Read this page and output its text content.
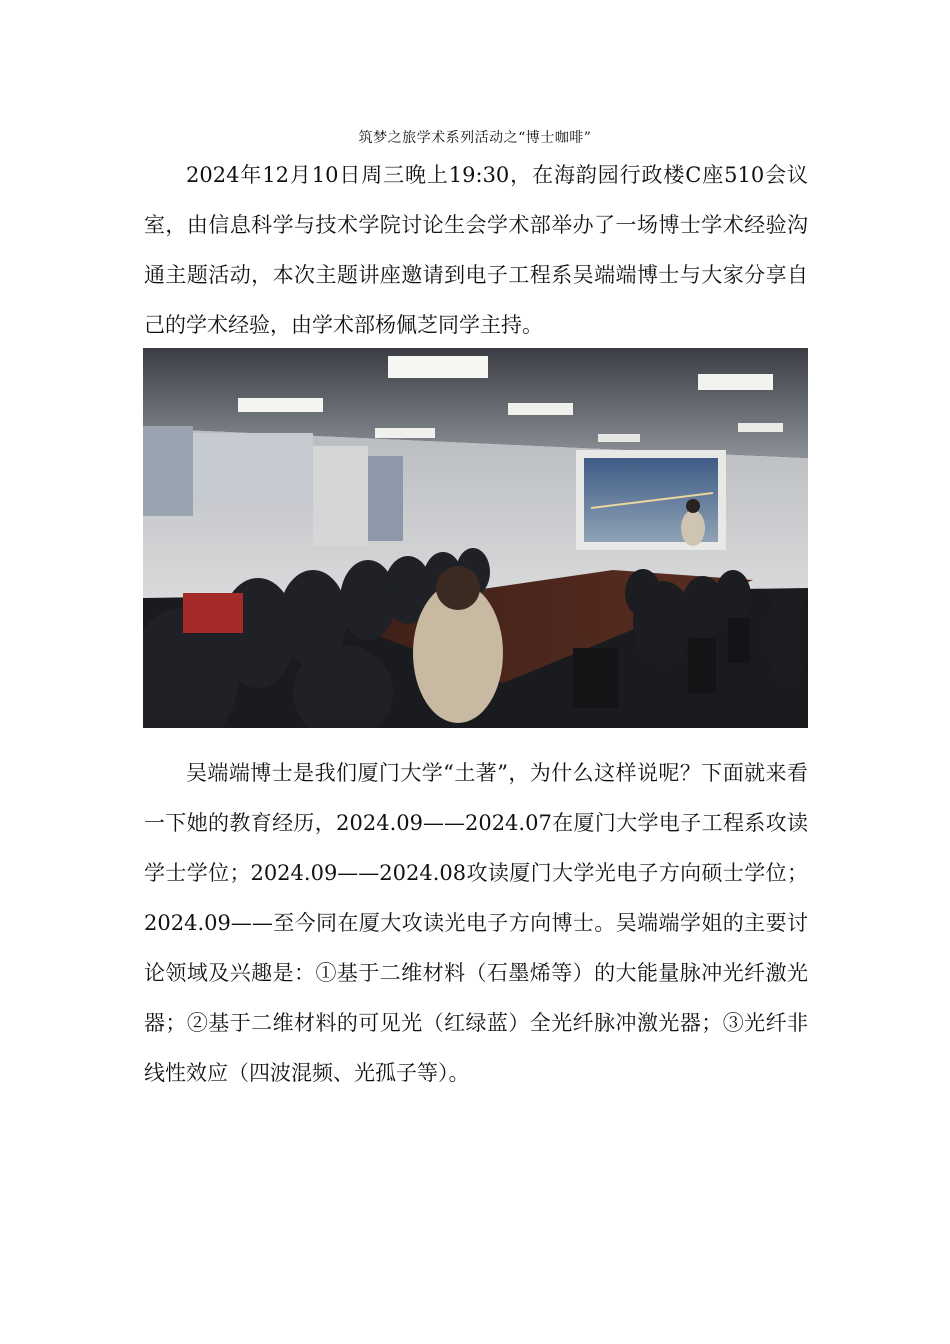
筑梦之旅学术系列活动之“博士咖啡”

2024年12月10日周三晚上19:30，在海韵园行政楼C座510会议室，由信息科学与技术学院讨论生会学术部举办了一场博士学术经验沟通主题活动，本次主题讲座邀请到电子工程系吴端端博士与大家分享自己的学术经验，由学术部杨佩芝同学主持。

吴端端博士是我们厦门大学“土著”，为什么这样说呢？下面就来看一下她的教育经历，2024.09——2024.07在厦门大学电子工程系攻读学士学位；2024.09——2024.08攻读厦门大学光电子方向硕士学位；2024.09——至今同在厦大攻读光电子方向博士。吴端端学姐的主要讨论领域及兴趣是：①基于二维材料（石墨烯等）的大能量脉冲光纤激光器；②基于二维材料的可见光（红绿蓝）全光纤脉冲激光器；③光纤非线性效应（四波混频、光孤子等）。
